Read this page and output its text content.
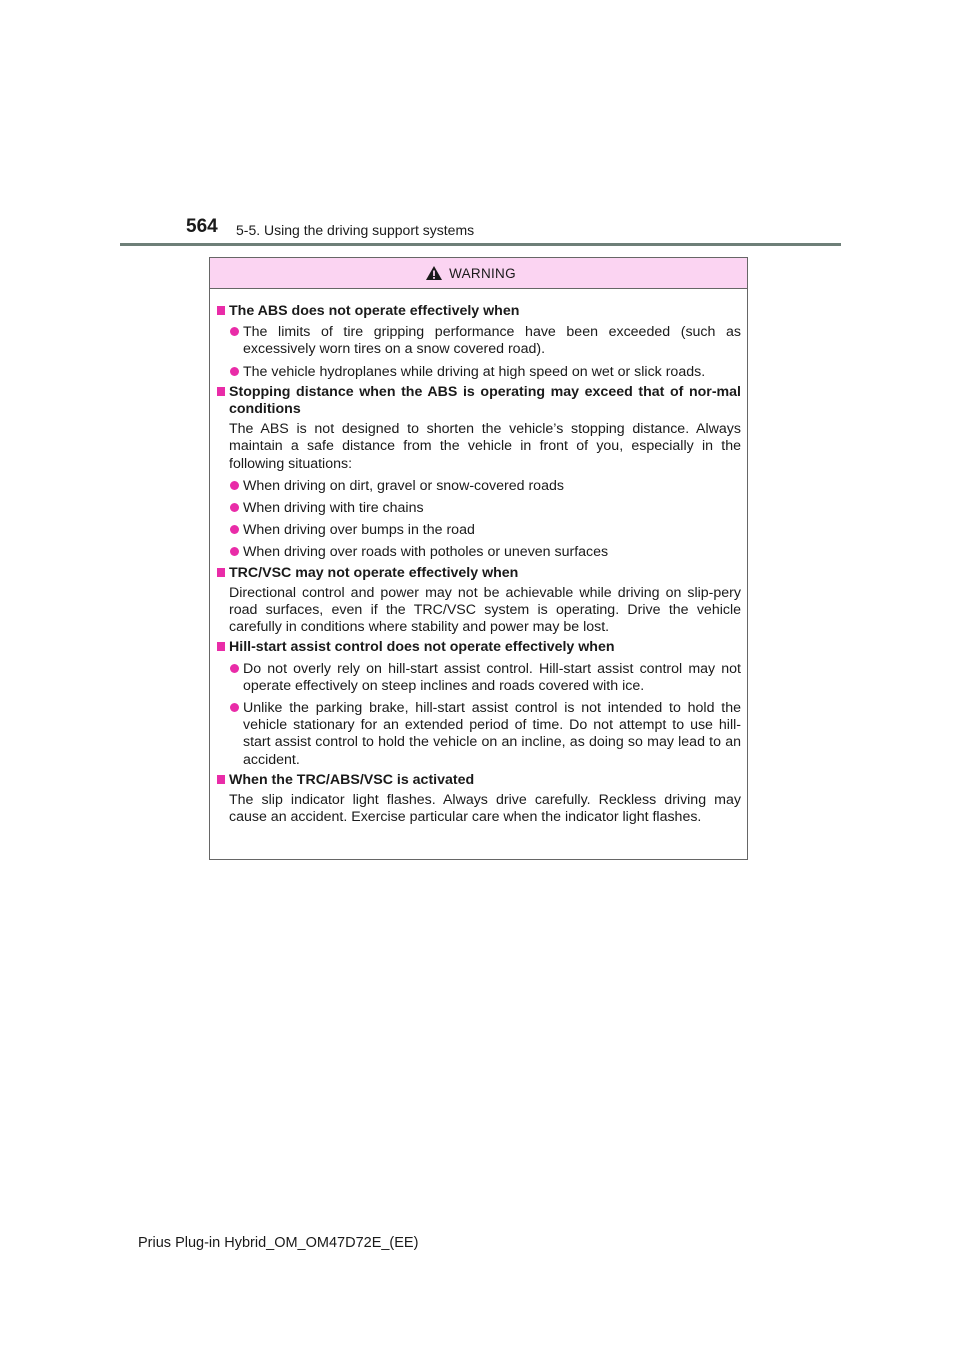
564 5-5. Using the driving support systems
WARNING
The ABS does not operate effectively when
The limits of tire gripping performance have been exceeded (such as excessively worn tires on a snow covered road).
The vehicle hydroplanes while driving at high speed on wet or slick roads.
Stopping distance when the ABS is operating may exceed that of nor-mal conditions
The ABS is not designed to shorten the vehicle’s stopping distance. Always maintain a safe distance from the vehicle in front of you, especially in the following situations:
When driving on dirt, gravel or snow-covered roads
When driving with tire chains
When driving over bumps in the road
When driving over roads with potholes or uneven surfaces
TRC/VSC may not operate effectively when
Directional control and power may not be achievable while driving on slip-pery road surfaces, even if the TRC/VSC system is operating. Drive the vehicle carefully in conditions where stability and power may be lost.
Hill-start assist control does not operate effectively when
Do not overly rely on hill-start assist control. Hill-start assist control may not operate effectively on steep inclines and roads covered with ice.
Unlike the parking brake, hill-start assist control is not intended to hold the vehicle stationary for an extended period of time. Do not attempt to use hill-start assist control to hold the vehicle on an incline, as doing so may lead to an accident.
When the TRC/ABS/VSC is activated
The slip indicator light flashes. Always drive carefully. Reckless driving may cause an accident. Exercise particular care when the indicator light flashes.
Prius Plug-in Hybrid_OM_OM47D72E_(EE)
